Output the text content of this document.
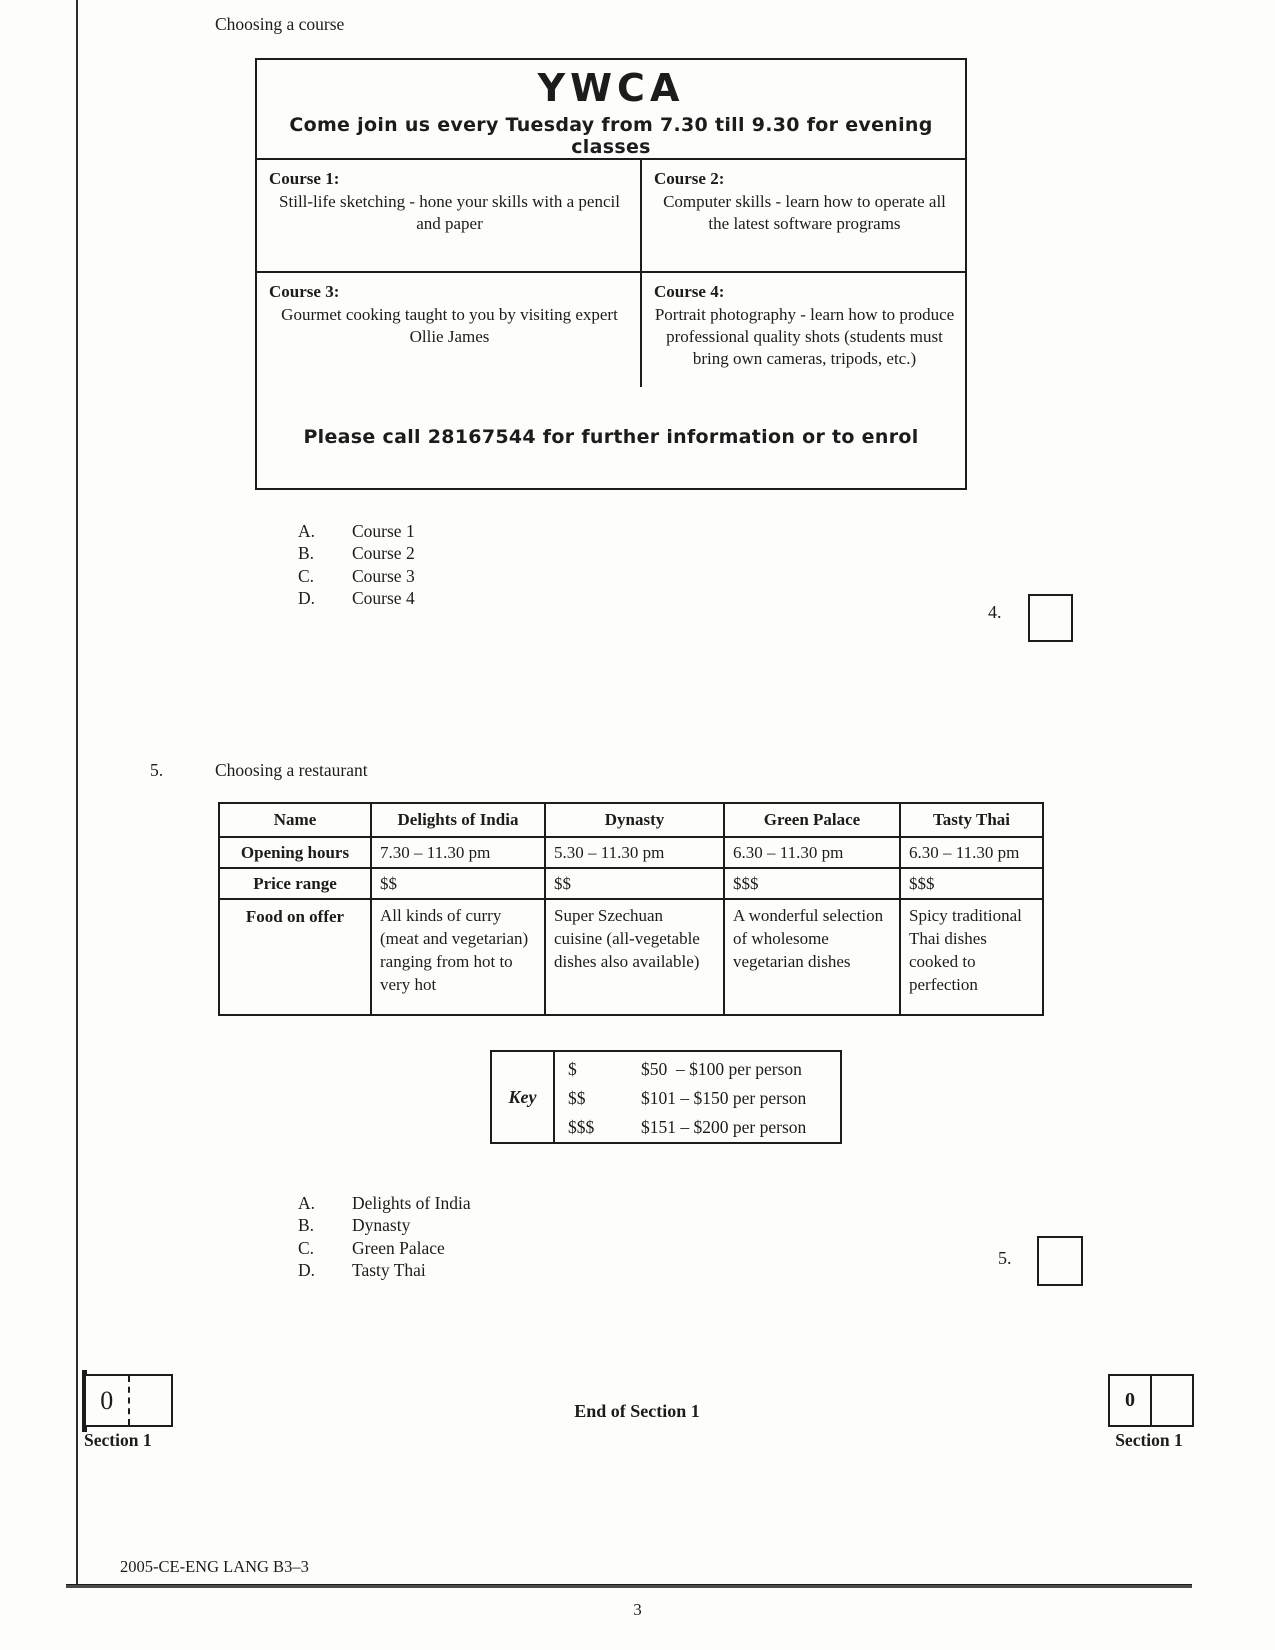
Choosing a course
YWCA
Come join us every Tuesday from 7.30 till 9.30 for evening classes
Course 1:
Still-life sketching - hone your skills with a pencil and paper
Course 2:
Computer skills - learn how to operate all the latest software programs
Course 3:
Gourmet cooking taught to you by visiting expert Ollie James
Course 4:
Portrait photography - learn how to produce professional quality shots (students must bring own cameras, tripods, etc.)
Please call 28167544 for further information or to enrol
A.	Course 1
B.	Course 2
C.	Course 3
D.	Course 4
4.
5.	Choosing a restaurant
Name	Delights of India	Dynasty	Green Palace	Tasty Thai
Opening hours	7.30 – 11.30 pm	5.30 – 11.30 pm	6.30 – 11.30 pm	6.30 – 11.30 pm
Price range	$$	$$	$$$	$$$
Food on offer	All kinds of curry (meat and vegetarian) ranging from hot to very hot	Super Szechuan cuisine (all-vegetable dishes also available)	A wonderful selection of wholesome vegetarian dishes	Spicy traditional Thai dishes cooked to perfection
Key
$	$50  – $100 per person
$$	$101 – $150 per person
$$$	$151 – $200 per person
A.	Delights of India
B.	Dynasty
C.	Green Palace
D.	Tasty Thai
5.
End of Section 1
0
Section 1
0
Section 1
2005-CE-ENG LANG B3–3
3
